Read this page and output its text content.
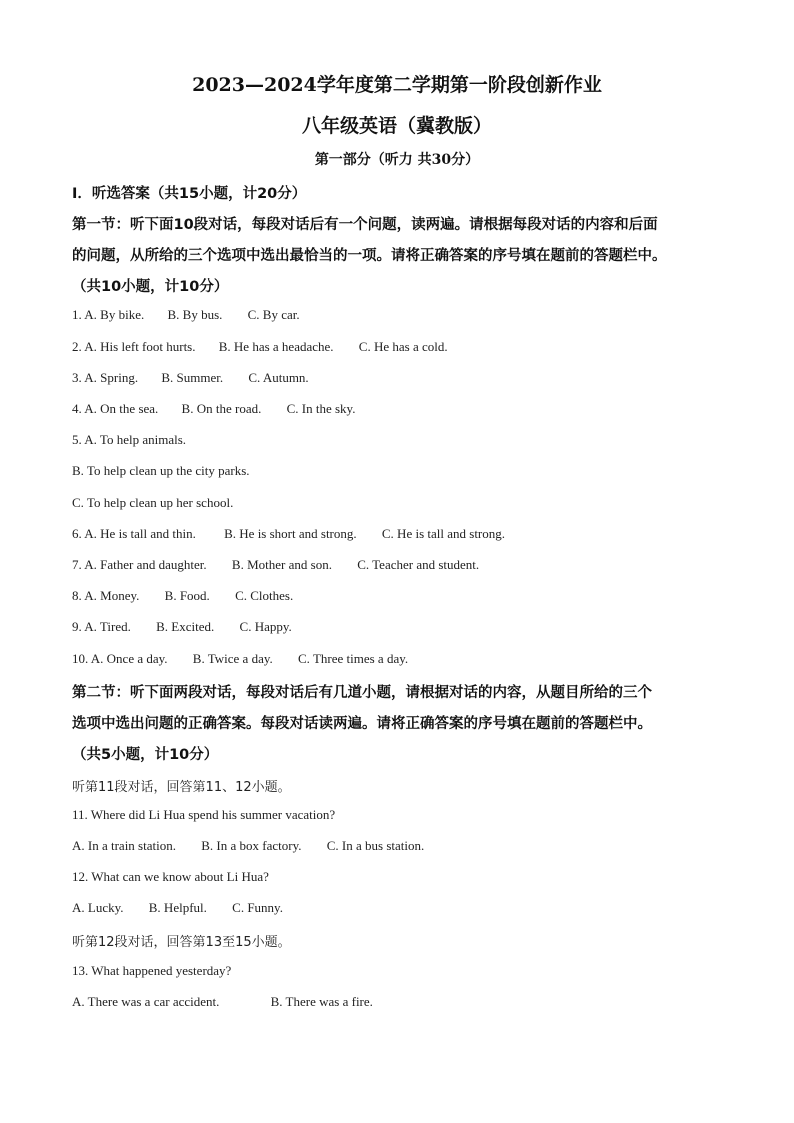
2023—2024学年度第二学期第一阶段创新作业
八年级英语（冀教版）
第一部分（听力 共30分）
Ⅰ．听选答案（共15小题，计20分）
第一节：听下面10段对话，每段对话后有一个问题，读两遍。请根据每段对话的内容和后面
的问题，从所给的三个选项中选出最恰当的一项。请将正确答案的序号填在题前的答题栏中。
（共10小题，计10分）
1. A. By bike. B. By bus. C. By car.
2. A. His left foot hurts. B. He has a headache. C. He has a cold.
3. A. Spring. B. Summer. C. Autumn.
4. A. On the sea. B. On the road. C. In the sky.
5. A. To help animals.
B. To help clean up the city parks.
C. To help clean up her school.
6. A. He is tall and thin. B. He is short and strong. C. He is tall and strong.
7. A. Father and daughter. B. Mother and son. C. Teacher and student.
8. A. Money. B. Food. C. Clothes.
9. A. Tired. B. Excited. C. Happy.
10. A. Once a day. B. Twice a day. C. Three times a day.
第二节：听下面两段对话，每段对话后有几道小题，请根据对话的内容，从题目所给的三个
选项中选出问题的正确答案。每段对话读两遍。请将正确答案的序号填在题前的答题栏中。
（共5小题，计10分）
听第11段对话，回答第11、12小题。
11. Where did Li Hua spend his summer vacation?
A. In a train station. B. In a box factory. C. In a bus station.
12. What can we know about Li Hua?
A. Lucky. B. Helpful. C. Funny.
听第12段对话，回答第13至15小题。
13. What happened yesterday?
A. There was a car accident.	B. There was a fire.
